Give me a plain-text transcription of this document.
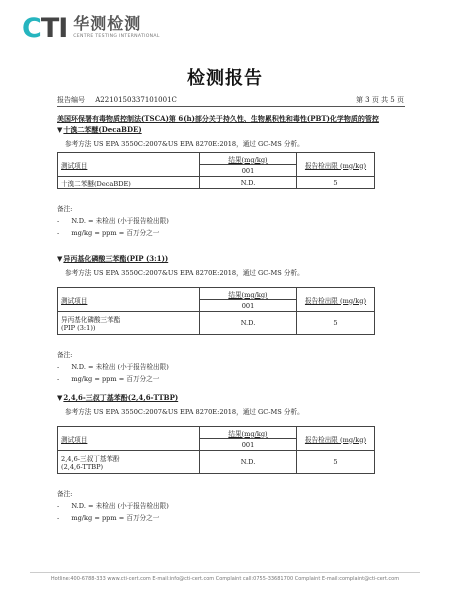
CTI 华测检测
CENTRE TESTING INTERNATIONAL
检测报告
报告编号 A2210150337101001C	第 3 页 共 5 页
美国环保署有毒物质控制法(TSCA)第 6(h)部分关于持久性、生物累积性和毒性(PBT)化学物质的管控
▼十溴二苯醚(DecaBDE)
参考方法 US EPA 3550C:2007&US EPA 8270E:2018，通过 GC-MS 分析。
测试项目	结果(mg/kg)	报告检出限 (mg/kg)
	001	
十溴二苯醚(DecaBDE)	N.D.	5
备注:
- N.D. = 未检出 (小于报告检出限)
- mg/kg = ppm = 百万分之一
▼异丙基化磷酸三苯酯(PIP (3:1))
参考方法 US EPA 3550C:2007&US EPA 8270E:2018，通过 GC-MS 分析。
测试项目	结果(mg/kg)	报告检出限 (mg/kg)
	001	

异丙基化磷酸三苯酯
(PIP (3:1))	N.D.	5
备注:
- N.D. = 未检出 (小于报告检出限)
- mg/kg = ppm = 百万分之一
▼2,4,6-三叔丁基苯酚(2,4,6-TTBP)
参考方法 US EPA 3550C:2007&US EPA 8270E:2018，通过 GC-MS 分析。
测试项目	结果(mg/kg)	报告检出限 (mg/kg)
	001	

2,4,6-三叔丁基苯酚
(2,4,6-TTBP)	N.D.	5
备注:
- N.D. = 未检出 (小于报告检出限)
- mg/kg = ppm = 百万分之一
Hotline:400-6788-333 www.cti-cert.com E-mail:info@cti-cert.com Complaint call:0755-33681700 Complaint E-mail:complaint@cti-cert.com
